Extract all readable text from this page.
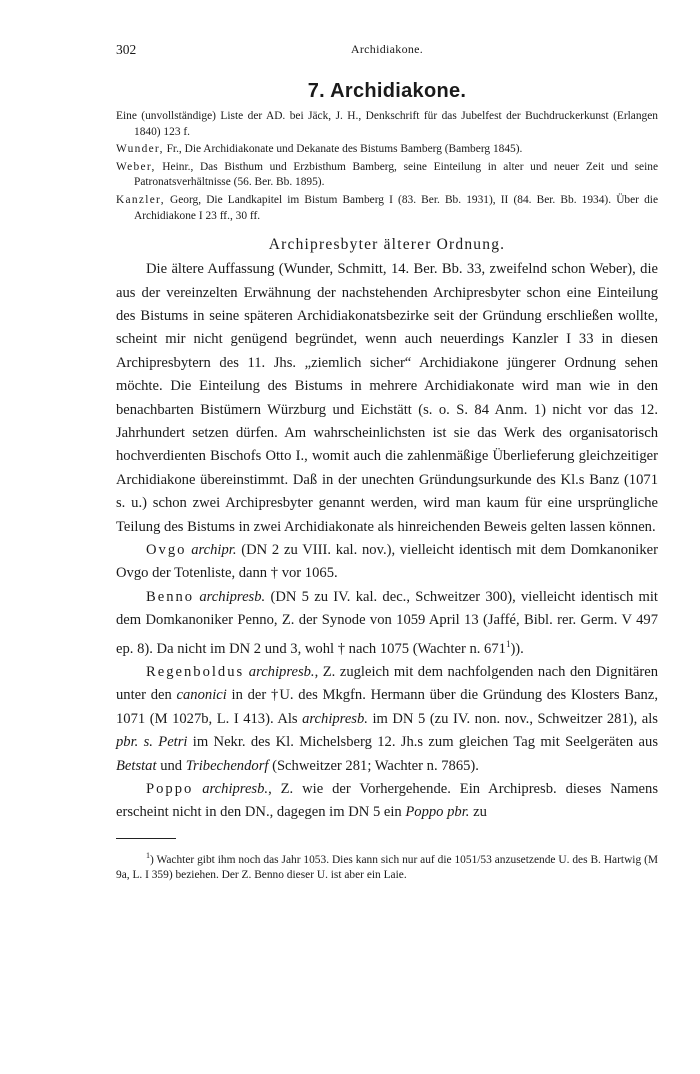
302	Archidiakone.
7. Archidiakone.

Eine (unvollständige) Liste der AD. bei Jäck, J. H., Denkschrift für das Jubelfest der Buchdruckerkunst (Erlangen 1840) 123 f.

Wunder, Fr., Die Archidiakonate und Dekanate des Bistums Bamberg (Bamberg 1845).

Weber, Heinr., Das Bisthum und Erzbisthum Bamberg, seine Einteilung in alter und neuer Zeit und seine Patronatsverhältnisse (56. Ber. Bb. 1895).

Kanzler, Georg, Die Landkapitel im Bistum Bamberg I (83. Ber. Bb. 1931), II (84. Ber. Bb. 1934). Über die Archidiakone I 23 ff., 30 ff.

Archipresbyter älterer Ordnung.

Die ältere Auffassung (Wunder, Schmitt, 14. Ber. Bb. 33, zweifelnd schon Weber), die aus der vereinzelten Erwähnung der nachstehenden Archipresbyter schon eine Einteilung des Bistums in seine späteren Archidiakonatsbezirke seit der Gründung erschließen wollte, scheint mir nicht genügend begründet, wenn auch neuerdings Kanzler I 33 in diesen Archipresbytern des 11. Jhs. „ziemlich sicher“ Archidiakone jüngerer Ordnung sehen möchte. Die Einteilung des Bistums in mehrere Archidiakonate wird man wie in den benachbarten Bistümern Würzburg und Eichstätt (s. o. S. 84 Anm. 1) nicht vor das 12. Jahrhundert setzen dürfen. Am wahrscheinlichsten ist sie das Werk des organisatorisch hochverdienten Bischofs Otto I., womit auch die zahlenmäßige Überlieferung gleichzeitiger Archidiakone übereinstimmt. Daß in der unechten Gründungsurkunde des Kl.s Banz (1071 s. u.) schon zwei Archipresbyter genannt werden, wird man kaum für eine ursprüngliche Teilung des Bistums in zwei Archidiakonate als hinreichenden Beweis gelten lassen können.

Ovgo archipr. (DN 2 zu VIII. kal. nov.), vielleicht identisch mit dem Domkanoniker Ovgo der Totenliste, dann † vor 1065.

Benno archipresb. (DN 5 zu IV. kal. dec., Schweitzer 300), vielleicht identisch mit dem Domkanoniker Penno, Z. der Synode von 1059 April 13 (Jaffé, Bibl. rer. Germ. V 497 ep. 8). Da nicht im DN 2 und 3, wohl † nach 1075 (Wachter n. $671^1$)).

Regenboldus archipresb., Z. zugleich mit dem nachfolgenden nach den Dignitären unter den canonici in der †U. des Mkgfn. Hermann über die Gründung des Klosters Banz, 1071 (M 1027b, L. I 413). Als archipresb. im DN 5 (zu IV. non. nov., Schweitzer 281), als pbr. s. Petri im Nekr. des Kl. Michelsberg 12. Jh.s zum gleichen Tag mit Seelgeräten aus Betstat und Tribechendorf (Schweitzer 281; Wachter n. 7865).

Poppo archipresb., Z. wie der Vorhergehende. Ein Archipresb. dieses Namens erscheint nicht in den DN., dagegen im DN 5 ein Poppo pbr. zu

$^1$) Wachter gibt ihm noch das Jahr 1053. Dies kann sich nur auf die 1051/53 anzusetzende U. des B. Hartwig (M 9a, L. I 359) beziehen. Der Z. Benno dieser U. ist aber ein Laie.
